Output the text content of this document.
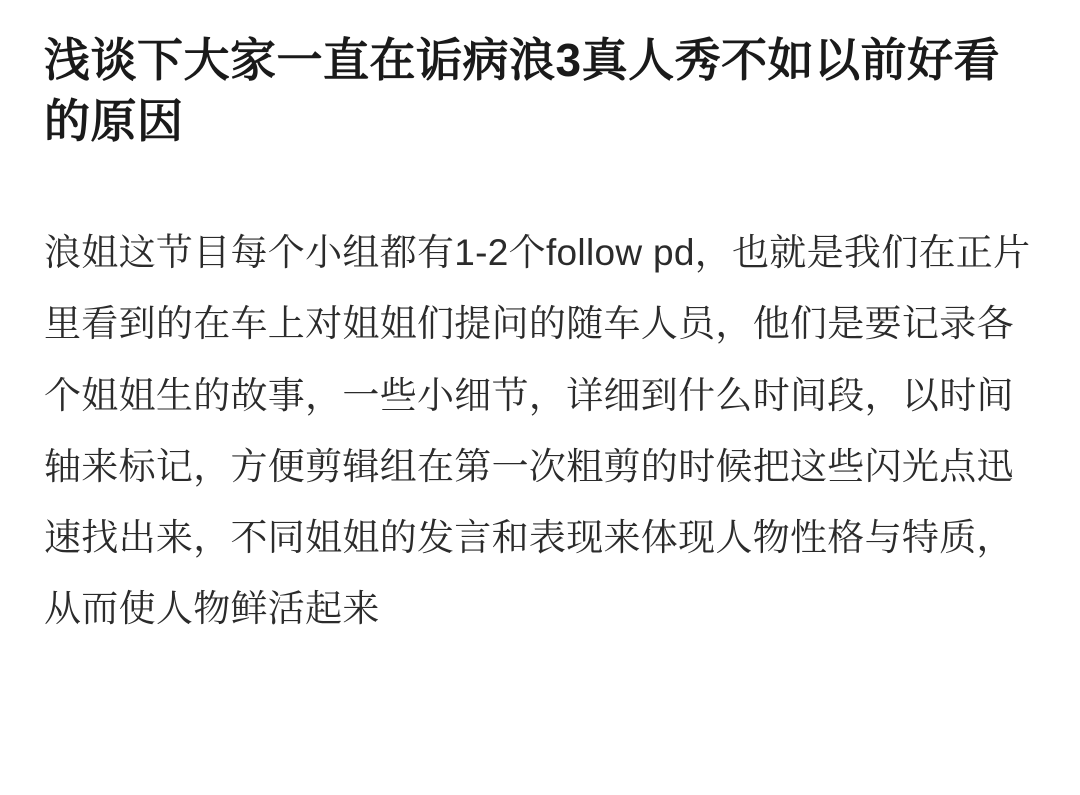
浅谈下大家一直在诟病浪3真人秀不如以前好看的原因

浪姐这节目每个小组都有1-2个follow pd，也就是我们在正片里看到的在车上对姐姐们提问的随车人员，他们是要记录各个姐姐生的故事，一些小细节，详细到什么时间段，以时间轴来标记，方便剪辑组在第一次粗剪的时候把这些闪光点迅速找出来，不同姐姐的发言和表现来体现人物性格与特质，从而使人物鲜活起来
